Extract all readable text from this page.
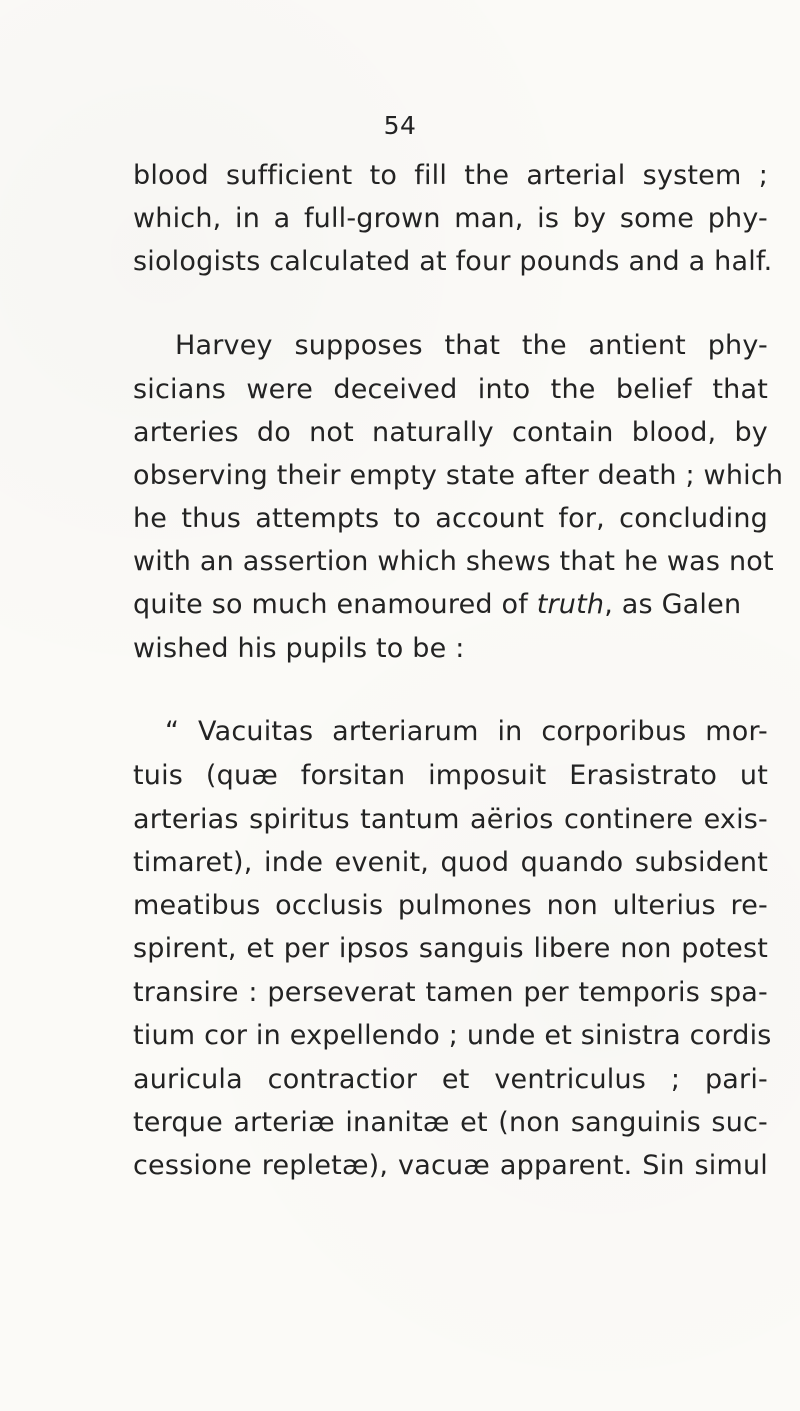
54
blood sufficient to fill the arterial system ;
which, in a full-grown man, is by some phy-
siologists calculated at four pounds and a half.
Harvey supposes that the antient phy-
sicians were deceived into the belief that
arteries do not naturally contain blood, by
observing their empty state after death ; which
he thus attempts to account for, concluding
with an assertion which shews that he was not
quite so much enamoured of truth, as Galen
wished his pupils to be :
“ Vacuitas arteriarum in corporibus mor-
tuis (quæ forsitan imposuit Erasistrato ut
arterias spiritus tantum aërios continere exis-
timaret), inde evenit, quod quando subsident
meatibus occlusis pulmones non ulterius re-
spirent, et per ipsos sanguis libere non potest
transire : perseverat tamen per temporis spa-
tium cor in expellendo ; unde et sinistra cordis
auricula contractior et ventriculus ; pari-
terque arteriæ inanitæ et (non sanguinis suc-
cessione repletæ), vacuæ apparent. Sin simul
